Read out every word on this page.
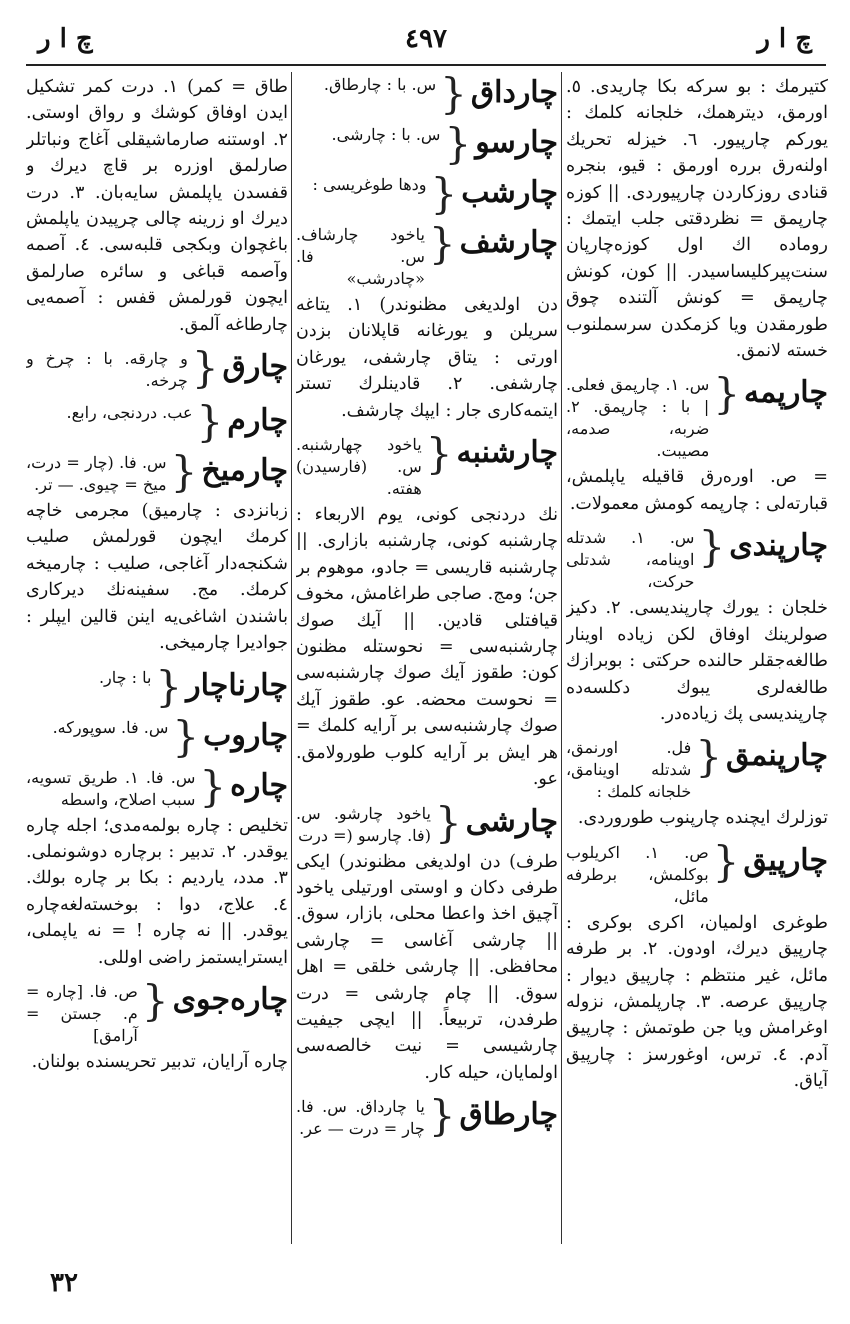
چ ا ر
٤٩٧
چ ا ر
کتیرمك : بو سرکه بکا چاریدی. ٥. اورمق، دیترهمك، خلجانه کلمك : یورکم چارپیور. ٦. خیزله تحریك اولنه‌رق برره اورمق : قیو، بنجره قنادی روزکاردن چارپیوردی. || کوزه چارپمق = نظردقتی جلب ایتمك : روماده اك اول کوزه‌چارپان سنت‌پیرکلیساسیدر. || کون، کونش چارپمق = کونش آلتنده چوق طورمقدن ویا کزمکدن سرسملنوب خسته لانمق.
چارپمه
{
س. ۱. چارپمق فعلی. | با : چارپمق. ۲. ضربه، صدمه، مصیبت.
= ص. اوره‌رق قاقیله یاپلمش، قبارته‌لی : چارپمه کومش معمولات.
چارپندی
{
س. ۱. شدتله اوینامه، شدتلی حرکت،
خلجان : یورك چارپندیسی. ۲. دکیز صولرینك اوفاق لکن زیاده اوینار طالغه‌جقلر حالنده حرکتی : بوبرازك طالغه‌لری یبوك دکلسه‌ده چارپندیسی پك زیاده‌در.
چارپنمق
{
فل. اورنمق، شدتله اوینامق، خلجانه کلمك :
توزلرك ایچنده چارپنوب طوروردی.
چارپیق
{
ص. ۱. اکریلوب بوکلمش، برطرفه مائل،
طوغری اولمیان، اکری بوکری : چارپیق دیرك، اودون. ۲. بر طرفه مائل، غیر منتظم : چارپیق دیوار : چارپیق عرصه. ۳. چارپلمش، نزوله اوغرامش ویا جن طوتمش : چارپیق آدم. ٤. ترس، اوغورسز : چارپیق آیاق.
چارداق
{
س. با : چارطاق.
چارسو
{
س. با : چارشی.
چارشب
{
ودها طوغریسی :
چارشف
{
یاخود چارشاف. س. فا. «چادرشب»
دن اولدیغی مظنوندر) ۱. یتاغه سریلن و یورغانه قاپلانان بزدن اورتی : یتاق چارشفی، یورغان چارشفی. ۲. قادینلرك تستر ایتمه‌کاری جار : ایپك چارشف.
چارشنبه
{
یاخود چهارشنبه. س. (فارسیدن) هفته.
نك دردنجی کونی، یوم الاربعاء : چارشنبه کونی، چارشنبه بازاری. || چارشنبه قاریسی = جادو، موهوم بر جن؛ ومج. صاجی طراغامش، مخوف قیافتلی قادین. || آیك صوك چارشنبه‌سی = نحوستله مظنون کون: طقوز آیك صوك چارشنبه‌سی = نحوست محضه. عو. طقوز آیك صوك چارشنبه‌سی بر آرایه کلمك = هر ایش بر آرایه کلوب طورولامق. عو.
چارشی
{
یاخود چارشو. س. (فا. چارسو (= درت
طرف) دن اولدیغی مظنوندر) ایکی طرفی دکان و اوستی اورتیلی یاخود آچیق اخذ واعطا محلی، بازار، سوق. || چارشی آغاسی = چارشی محافظی. || چارشی خلقی = اهل سوق. || چام چارشی = درت طرفدن، تربیعاً. || ایچی جیفیت چارشیسی = نیت خالصه‌سی اولمایان، حیله کار.
چارطاق
{
یا چارداق. س. فا. چار = درت — عر.
طاق = کمر) ۱. درت کمر تشکیل ایدن اوفاق کوشك و رواق اوستی. ۲. اوستنه صارماشیقلی آغاج ونباتلر صارلمق اوزره بر قاچ دیرك و قفسدن یاپلمش سایه‌بان. ۳. درت دیرك او زرینه چالی چرپیدن یاپلمش باغچوان وبکجی قلبه‌سی. ٤. آصمه وآصمه قباغی و سائره صارلمق ایچون قورلمش قفس : آصمه‌یی چارطاغه آلمق.
چارق
{
و چارقه. با : چرخ و چرخه.
چارم
{
عب. دردنجی، رابع.
چارمیخ
{
س. فا. (چار = درت، میخ = چیوی. — تر.
زبانزدی : چارمیق) مجرمی خاچه کرمك ایچون قورلمش صلیب شکنجه‌دار آغاجی، صلیب : چارمیخه کرمك. مج. سفینه‌نك دیرکاری باشندن اشاغی‌یه اینن قالین ایپلر : جوادیرا چارمیخی.
چارناچار
{
با : چار.
چاروب
{
س. فا. سوپورکه.
چاره
{
س. فا. ۱. طریق تسویه، سبب اصلاح، واسطه
تخلیص : چاره بولمه‌مدی؛ اجله چاره یوقدر. ۲. تدبیر : برچاره دوشونملی. ۳. مدد، یاردیم : بکا بر چاره بولك. ٤. علاج، دوا : بوخسته‌لغه‌چاره یوقدر. || نه چاره ! = نه یاپملی، ایسترایستمز راضی اوللی.
چاره‌جوی
{
ص. فا. [چاره = م. جستن = آرامق]
چاره آرایان، تدبیر تحریسنده بولنان.
٣٢
